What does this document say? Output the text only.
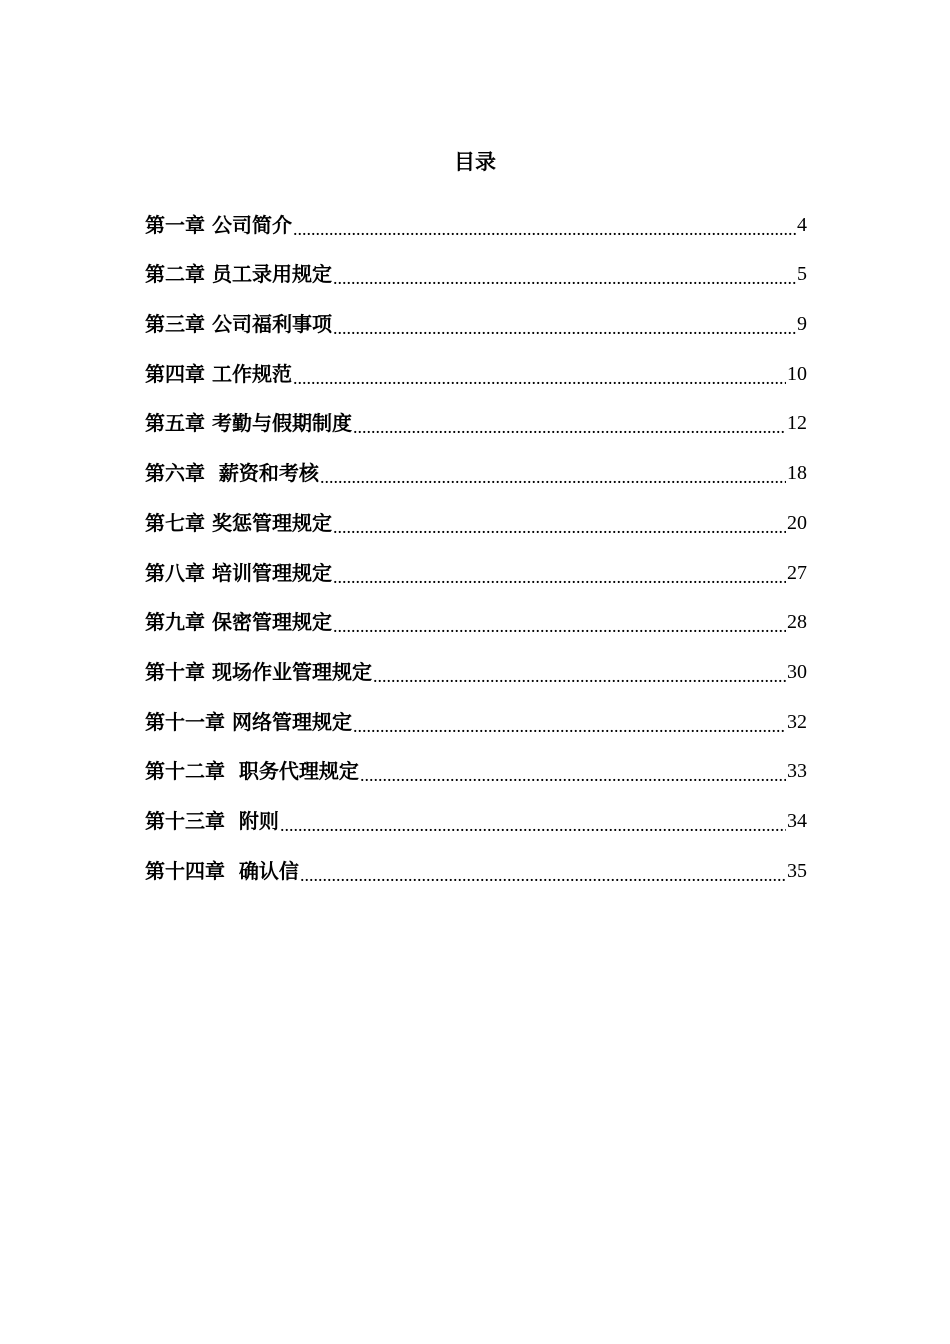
目录
第一章 公司简介 .....	4
第二章 员工录用规定 .....	5
第三章 公司福利事项 .....	9
第四章 工作规范 .....	10
第五章 考勤与假期制度 .....	12
第六章  薪资和考核 .....	18
第七章 奖惩管理规定 .....	20
第八章 培训管理规定 .....	27
第九章 保密管理规定 .....	28
第十章 现场作业管理规定 .....	30
第十一章 网络管理规定 .....	32
第十二章  职务代理规定 .....	33
第十三章  附则 .....	34
第十四章  确认信 .....	35
